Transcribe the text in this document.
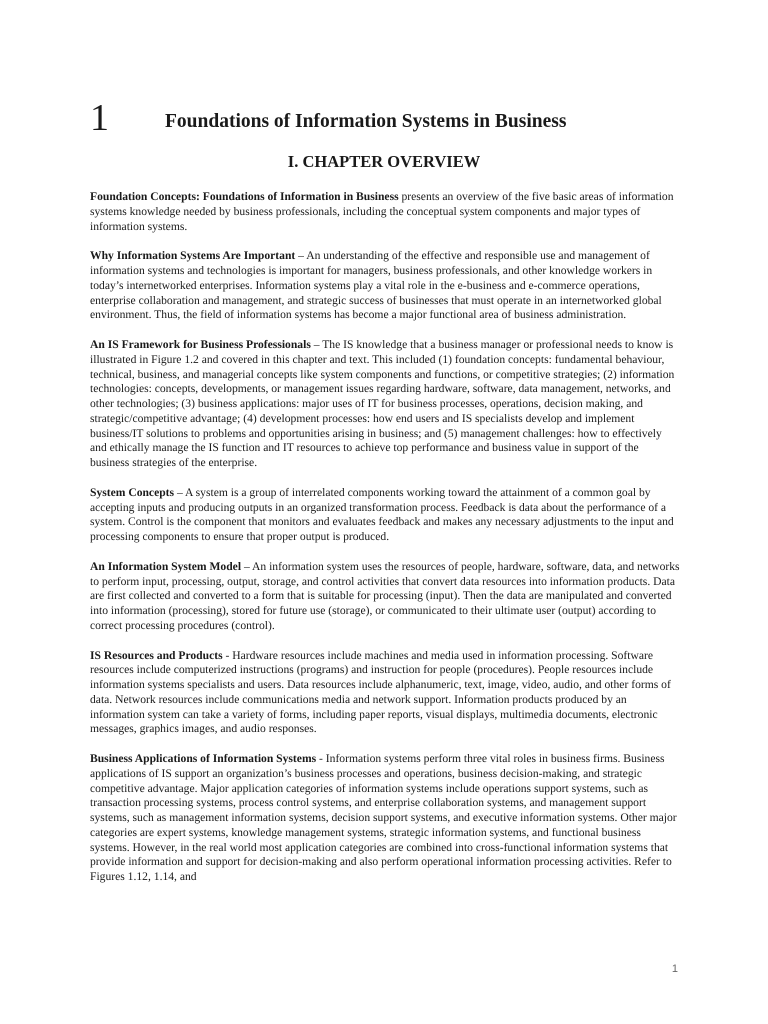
1	Foundations of Information Systems in Business
I. CHAPTER OVERVIEW

Foundation Concepts: Foundations of Information in Business presents an overview of the five basic areas of information systems knowledge needed by business professionals, including the conceptual system components and major types of information systems.

Why Information Systems Are Important – An understanding of the effective and responsible use and management of information systems and technologies is important for managers, business professionals, and other knowledge workers in today’s internetworked enterprises. Information systems play a vital role in the e-business and e-commerce operations, enterprise collaboration and management, and strategic success of businesses that must operate in an internetworked global environment. Thus, the field of information systems has become a major functional area of business administration.

An IS Framework for Business Professionals – The IS knowledge that a business manager or professional needs to know is illustrated in Figure 1.2 and covered in this chapter and text. This included (1) foundation concepts: fundamental behaviour, technical, business, and managerial concepts like system components and functions, or competitive strategies; (2) information technologies: concepts, developments, or management issues regarding hardware, software, data management, networks, and other technologies; (3) business applications: major uses of IT for business processes, operations, decision making, and strategic/competitive advantage; (4) development processes: how end users and IS specialists develop and implement business/IT solutions to problems and opportunities arising in business; and (5) management challenges: how to effectively and ethically manage the IS function and IT resources to achieve top performance and business value in support of the business strategies of the enterprise.

System Concepts – A system is a group of interrelated components working toward the attainment of a common goal by accepting inputs and producing outputs in an organized transformation process. Feedback is data about the performance of a system. Control is the component that monitors and evaluates feedback and makes any necessary adjustments to the input and processing components to ensure that proper output is produced.

An Information System Model – An information system uses the resources of people, hardware, software, data, and networks to perform input, processing, output, storage, and control activities that convert data resources into information products. Data are first collected and converted to a form that is suitable for processing (input). Then the data are manipulated and converted into information (processing), stored for future use (storage), or communicated to their ultimate user (output) according to correct processing procedures (control).

IS Resources and Products - Hardware resources include machines and media used in information processing. Software resources include computerized instructions (programs) and instruction for people (procedures). People resources include information systems specialists and users. Data resources include alphanumeric, text, image, video, audio, and other forms of data. Network resources include communications media and network support. Information products produced by an information system can take a variety of forms, including paper reports, visual displays, multimedia documents, electronic messages, graphics images, and audio responses.

Business Applications of Information Systems - Information systems perform three vital roles in business firms. Business applications of IS support an organization’s business processes and operations, business decision-making, and strategic competitive advantage. Major application categories of information systems include operations support systems, such as transaction processing systems, process control systems, and enterprise collaboration systems, and management support systems, such as management information systems, decision support systems, and executive information systems. Other major categories are expert systems, knowledge management systems, strategic information systems, and functional business systems. However, in the real world most application categories are combined into cross-functional information systems that provide information and support for decision-making and also perform operational information processing activities. Refer to Figures 1.12, 1.14, and

1
